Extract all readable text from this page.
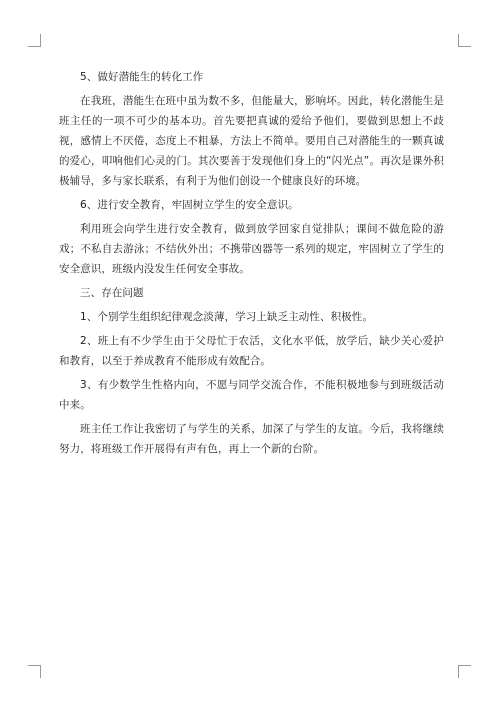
5、做好潜能生的转化工作

在我班，潜能生在班中虽为数不多，但能量大，影响坏。因此，转化潜能生是班主任的一项不可少的基本功。首先要把真诚的爱给予他们，要做到思想上不歧视，感情上不厌倦，态度上不粗暴，方法上不简单。要用自己对潜能生的一颗真诚的爱心，叩响他们心灵的门。其次要善于发现他们身上的“闪光点”。再次是课外积极辅导，多与家长联系，有利于为他们创设一个健康良好的环境。

6、进行安全教育，牢固树立学生的安全意识。

利用班会向学生进行安全教育，做到放学回家自觉排队；课间不做危险的游戏；不私自去游泳；不结伙外出；不携带凶器等一系列的规定，牢固树立了学生的安全意识，班级内没发生任何安全事故。

三、存在问题

1、个别学生组织纪律观念淡薄，学习上缺乏主动性、积极性。

2、班上有不少学生由于父母忙于农活，文化水平低，放学后，缺少关心爱护和教育，以至于养成教育不能形成有效配合。

3、有少数学生性格内向，不愿与同学交流合作，不能积极地参与到班级活动中来。

班主任工作让我密切了与学生的关系，加深了与学生的友谊。今后，我将继续努力，将班级工作开展得有声有色，再上一个新的台阶。
